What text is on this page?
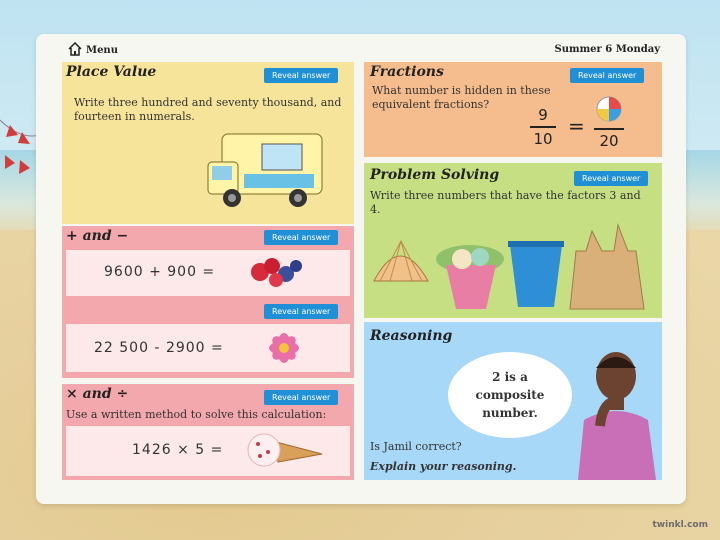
Menu	Summer 6 Monday
Place Value	Reveal answer
Write three hundred and seventy thousand, and fourteen in numerals.
Fractions	Reveal answer
What number is hidden in these equivalent fractions?
9
10
=
20
Problem Solving	Reveal answer
Write three numbers that have the factors 3 and 4.
+ and −	Reveal answer
9600 + 900 =
Reveal answer
22 500 - 2900 =
× and ÷	Reveal answer
Use a written method to solve this calculation:
1426 × 5 =
Reasoning
Is Jamil correct?
Explain your reasoning.
2 is a composite number.
twinkl.com
